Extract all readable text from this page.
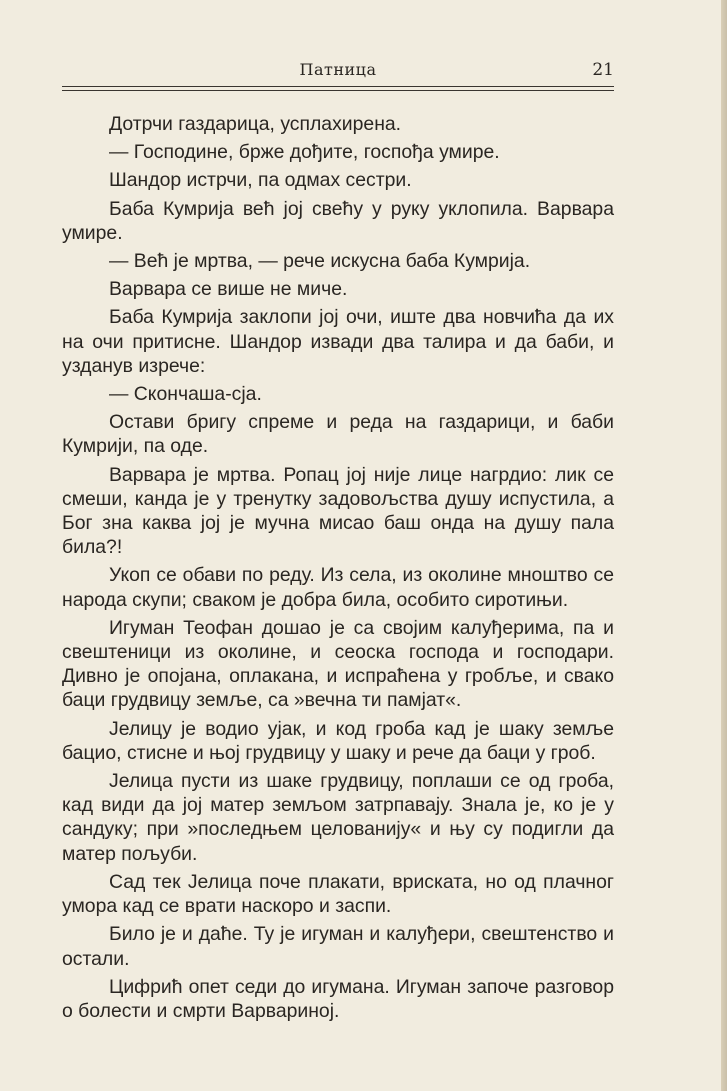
Патница	21

Дотрчи газдарица, усплахирена.

— Господине, брже дођите, госпођа умире.

Шандор истрчи, па одмах сестри.

Баба Кумрија већ јој свећу у руку уклопила. Варвара умире.

— Већ је мртва, — рече искусна баба Кумрија.

Варвара се више не миче.

Баба Кумрија заклопи јој очи, иште два новчића да их на очи притисне. Шандор извади два талира и да баби, и узданув изрече:

— Скончаша-сја.

Остави бригу спреме и реда на газдарици, и баби Кумрији, па оде.

Варвара је мртва. Ропац јој није лице нагрдио: лик се смеши, канда је у тренутку задовољства душу испустила, а Бог зна каква јој је мучна мисао баш онда на душу пала била?!

Укоп се обави по реду. Из села, из околине мноштво се народа скупи; сваком је добра била, особито сиротињи.

Игуман Теофан дошао је са својим калуђерима, па и свештеници из околине, и сеоска господа и господари. Дивно је опојана, оплакана, и испраћена у гробље, и свако баци грудвицу земље, са »вечна ти памјат«.

Јелицу је водио ујак, и код гроба кад је шаку земље бацио, стисне и њој грудвицу у шаку и рече да баци у гроб.

Јелица пусти из шаке грудвицу, поплаши се од гроба, кад види да јој матер земљом затрпавају. Знала је, ко је у сандуку; при »последњем целованију« и њу су подигли да матер пољуби.

Сад тек Јелица поче плакати, вриската, но од плачног умора кад се врати наскоро и заспи.

Било је и даће. Ту је игуман и калуђери, свештенство и остали.

Цифрић опет седи до игумана. Игуман започе разговор о болести и смрти Варвариној.
